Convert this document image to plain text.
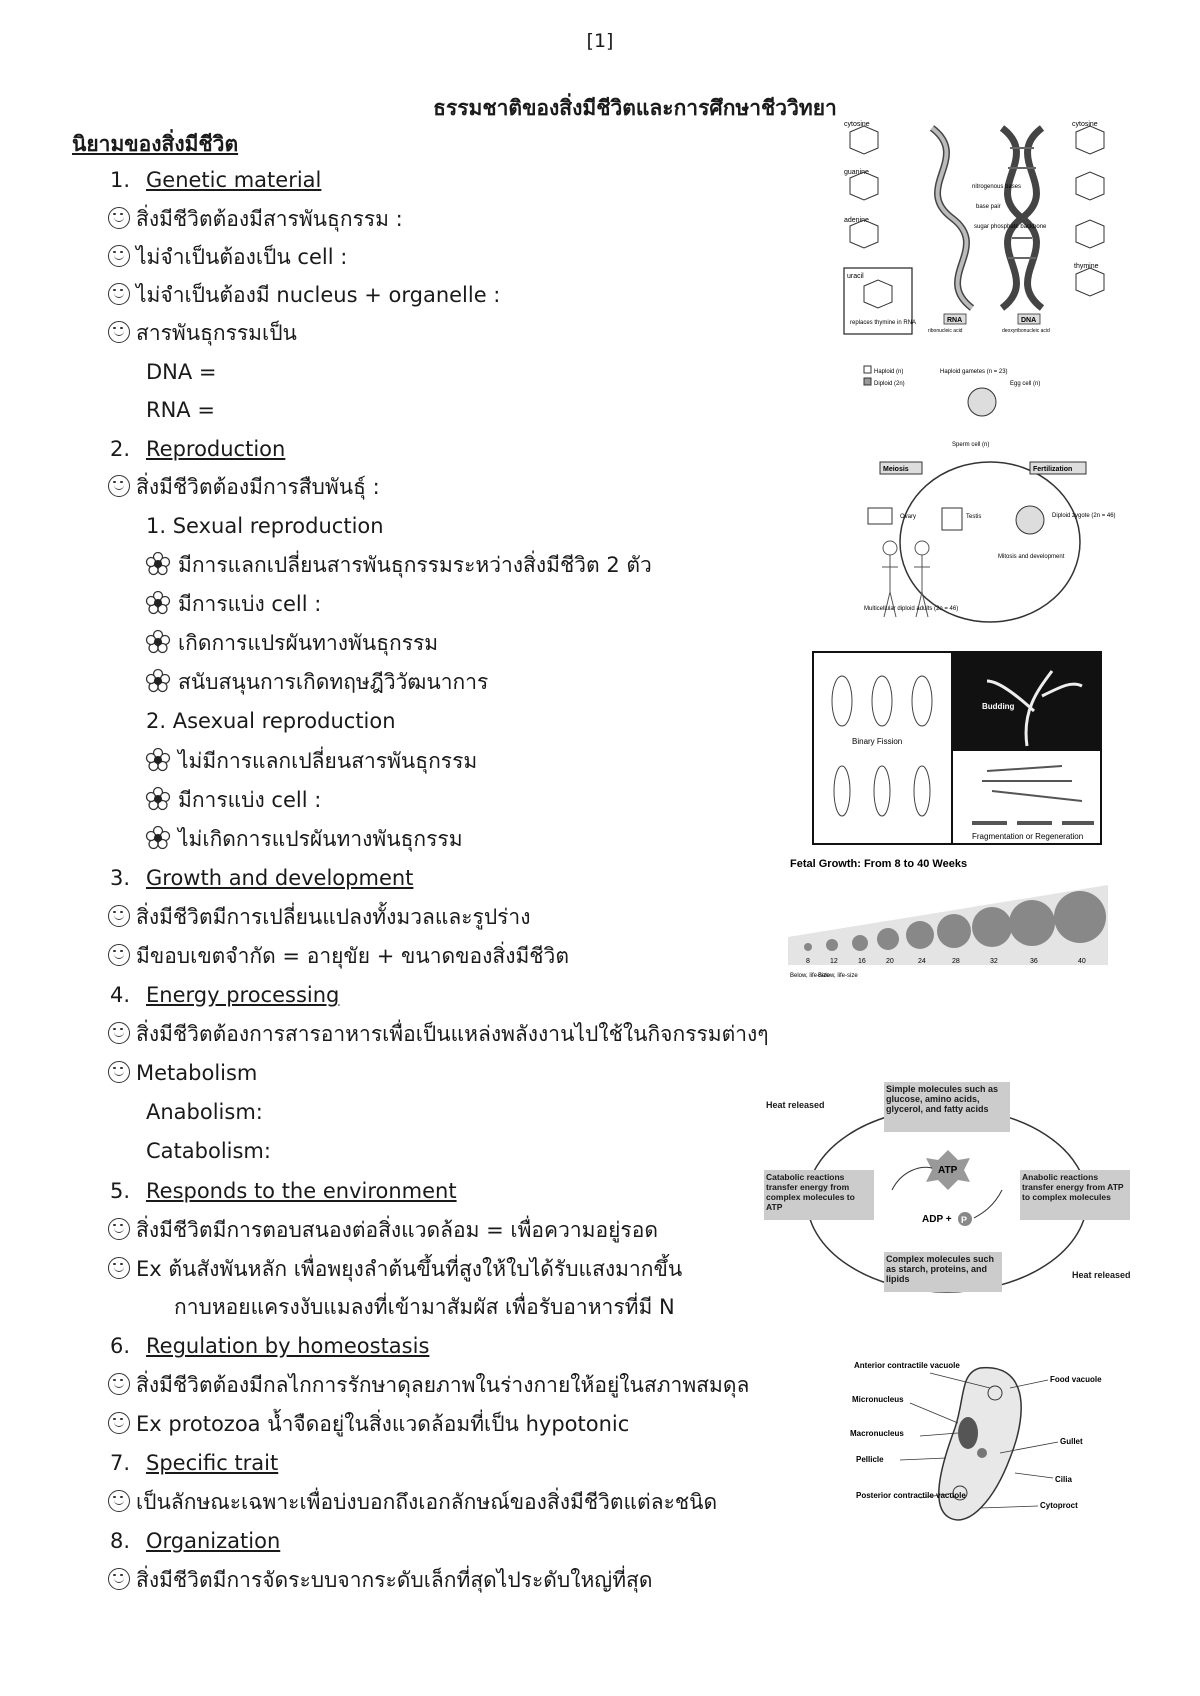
[1]
ธรรมชาติของสิ่งมีชีวิตและการศึกษาชีววิทยา
นิยามของสิ่งมีชีวิต
1. Genetic material
สิ่งมีชีวิตต้องมีสารพันธุกรรม :
ไม่จำเป็นต้องเป็น cell :
ไม่จำเป็นต้องมี nucleus + organelle :
สารพันธุกรรมเป็น
DNA =
RNA =
2. Reproduction
สิ่งมีชีวิตต้องมีการสืบพันธุ์ :
1. Sexual reproduction
มีการแลกเปลี่ยนสารพันธุกรรมระหว่างสิ่งมีชีวิต 2 ตัว
มีการแบ่ง cell :
เกิดการแปรผันทางพันธุกรรม
สนับสนุนการเกิดทฤษฎีวิวัฒนาการ
2. Asexual reproduction
ไม่มีการแลกเปลี่ยนสารพันธุกรรม
มีการแบ่ง cell :
ไม่เกิดการแปรผันทางพันธุกรรม
3. Growth and development
สิ่งมีชีวิตมีการเปลี่ยนแปลงทั้งมวลและรูปร่าง
มีขอบเขตจำกัด = อายุขัย + ขนาดของสิ่งมีชีวิต
4. Energy processing
สิ่งมีชีวิตต้องการสารอาหารเพื่อเป็นแหล่งพลังงานไปใช้ในกิจกรรมต่างๆ
Metabolism
Anabolism:
Catabolism:
5. Responds to the environment
สิ่งมีชีวิตมีการตอบสนองต่อสิ่งแวดล้อม = เพื่อความอยู่รอด
Ex ต้นสังพันหลัก เพื่อพยุงลำต้นขึ้นที่สูงให้ใบได้รับแสงมากขึ้น
กาบหอยแครงงับแมลงที่เข้ามาสัมผัส เพื่อรับอาหารที่มี N
6. Regulation by homeostasis
สิ่งมีชีวิตต้องมีกลไกการรักษาดุลยภาพในร่างกายให้อยู่ในสภาพสมดุล
Ex protozoa น้ำจืดอยู่ในสิ่งแวดล้อมที่เป็น hypotonic
7. Specific trait
เป็นลักษณะเฉพาะเพื่อบ่งบอกถึงเอกลักษณ์ของสิ่งมีชีวิตแต่ละชนิด
8. Organization
สิ่งมีชีวิตมีการจัดระบบจากระดับเล็กที่สุดไประดับใหญ่ที่สุด
cytosine
guanine
adenine
uracil
replaces thymine in RNA
nitrogenous bases
base pair
sugar phosphate backbone
RNA
ribonucleic acid
DNA
deoxyribonucleic acid
cytosine
thymine
Haploid (n)
Diploid (2n)
Haploid gametes (n = 23)
Egg cell (n)
Sperm cell (n)
Meiosis	Fertilization
Diploid zygote (2n = 46)
Mitosis and development
Ovary	Testis
Multicellular diploid adults (2n = 46)
Binary Fission
Budding
Fragmentation or Regeneration
Fetal Growth: From 8 to 40 Weeks
8	12	16	20	24	28	32	36	40
Below, life-size
Below, life-size
Simple molecules such as glucose, amino acids, glycerol, and fatty acids
Catabolic reactions transfer energy from complex molecules to ATP
Anabolic reactions transfer energy from ATP to complex molecules
Complex molecules such as starch, proteins, and lipids
ATP
ADP + P
Heat released
Heat released
Anterior contractile vacuole
Micronucleus
Macronucleus
Pellicle
Posterior contractile vacuole
Food vacuole
Gullet
Cilia
Cytoproct
